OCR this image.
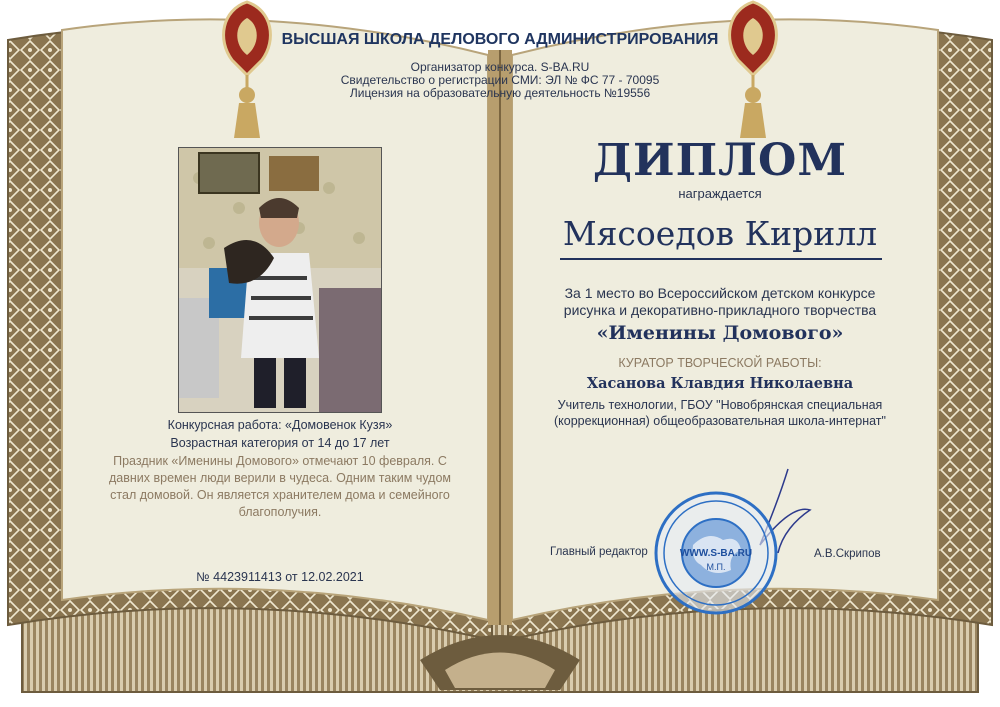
ВЫСШАЯ ШКОЛА ДЕЛОВОГО АДМИНИСТРИРОВАНИЯ

Организатор конкурса. S-BA.RU

Свидетельство о регистрации СМИ: ЭЛ № ФС 77 - 70095

Лицензия на образовательную деятельность №19556

Конкурсная работа: «Домовенок Кузя»

Возрастная категория от 14 до 17 лет

Праздник «Именины Домового» отмечают 10 февраля. С давних времен люди верили в чудеса. Одним таким чудом стал домовой. Он является хранителем дома и семейного благополучия.

№ 4423911413 от 12.02.2021

ДИПЛОМ

награждается

Мясоедов Кирилл

За 1 место во Всероссийском детском конкурсе

рисунка и декоративно-прикладного творчества

«Именины Домового»

КУРАТОР ТВОРЧЕСКОЙ РАБОТЫ:

Хасанова Клавдия Николаевна

Учитель технологии, ГБОУ "Новобрянская специальная

(коррекционная) общеобразовательная школа-интернат"

Главный редактор	А.В.Скрипов

WWW.S-BA.RU
М.П.
